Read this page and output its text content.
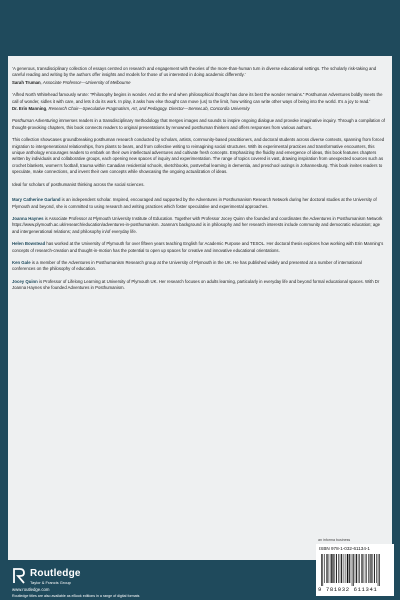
‘A generous, transdisciplinary collection of essays centred on research and engagement with theories of the more-than-human turn in diverse educational settings. The scholarly risk-taking and careful reading and writing by the authors offer insights and models for those of us interested in doing academic differently.’

Sarah Truman, Associate Professor—University of Melbourne

‘Alfred North Whitehead famously wrote: “Philosophy begins in wonder. And at the end when philosophical thought has done its best the wonder remains.” Posthuman Adventures boldly meets the call of wonder, sidles it with care, and lets it do its work. In play, it asks how else thought can move (us) to the limit, how writing can write other ways of being into the world. It’s a joy to read.’

Dr. Erin Manning, Research Chair—Speculative Pragmatism, Art, and Pedagogy. Director—SenseLab, Concordia University

Posthuman Adventuring immerses readers in a transdisciplinary methodology that merges images and sounds to inspire ongoing dialogue and provoke imaginative inquiry. Through a compilation of thought-provoking chapters, this book connects readers to original presentations by renowned posthuman thinkers and offers responses from various authors.

This collection showcases groundbreaking posthuman research conducted by scholars, artists, community-based practitioners, and doctoral students across diverse contexts, spanning from forced migration to intergenerational relationships, from plants to bears, and from collective writing to reimagining social structures. With its experimental practices and transformative encounters, this unique anthology encourages readers to embark on their own intellectual adventures and cultivate fresh concepts. Emphasizing the fluidity and emergence of ideas, this book features chapters written by individuals and collaborative groups, each opening new spaces of inquiry and experimentation. The range of topics covered is vast, drawing inspiration from unexpected sources such as crochet blankets, women’s football, trauma within Canadian residential schools, sketchbooks, postverbal learning in dementia, and preschool outings in Johannesburg. This book invites readers to speculate, make connections, and invent their own concepts while showcasing the ongoing actualization of ideas.

Ideal for scholars of posthumanist thinking across the social sciences.

Mary Catherine Garland is an independent scholar. Inspired, encouraged and supported by the Adventures in Posthumanism Research Network during her doctoral studies at the University of Plymouth and beyond, she is committed to using research and writing practices which foster speculative and experimental approaches.

Joanna Haynes is Associate Professor at Plymouth University Institute of Education. Together with Professor Jocey Quinn she founded and coordinates the Adventures in Posthumanism Network https://www.plymouth.ac.uk/research/education/adventures-in-posthumanism. Joanna’s background is in philosophy and her research interests include community and democratic education; age and intergenerational relations; and philosophy in/of everyday life.

Helen Bowstead has worked at the University of Plymouth for over fifteen years teaching English for Academic Purpose and TESOL. Her doctoral thesis explores how working with Erin Manning’s concepts of research-creation and thought-in-motion has the potential to open up spaces for creative and innovative educational orientations.

Ken Gale is a member of the Adventures in Posthumanism Research group at the University of Plymouth in the UK. He has published widely and presented at a number of international conferences on the philosophy of education.

Jocey Quinn is Professor of Lifelong Learning at University of Plymouth UK. Her research focuses on adults learning, particularly in everyday life and beyond formal educational spaces. With Dr Joanna Haynes she founded Adventures in Posthumanism.

Routledge
Taylor & Francis Group
www.routledge.com
Routledge titles are also available as eBook editions in a range of digital formats
an informa business
ISBN 978-1-032-61134-1
9 781032 611341
